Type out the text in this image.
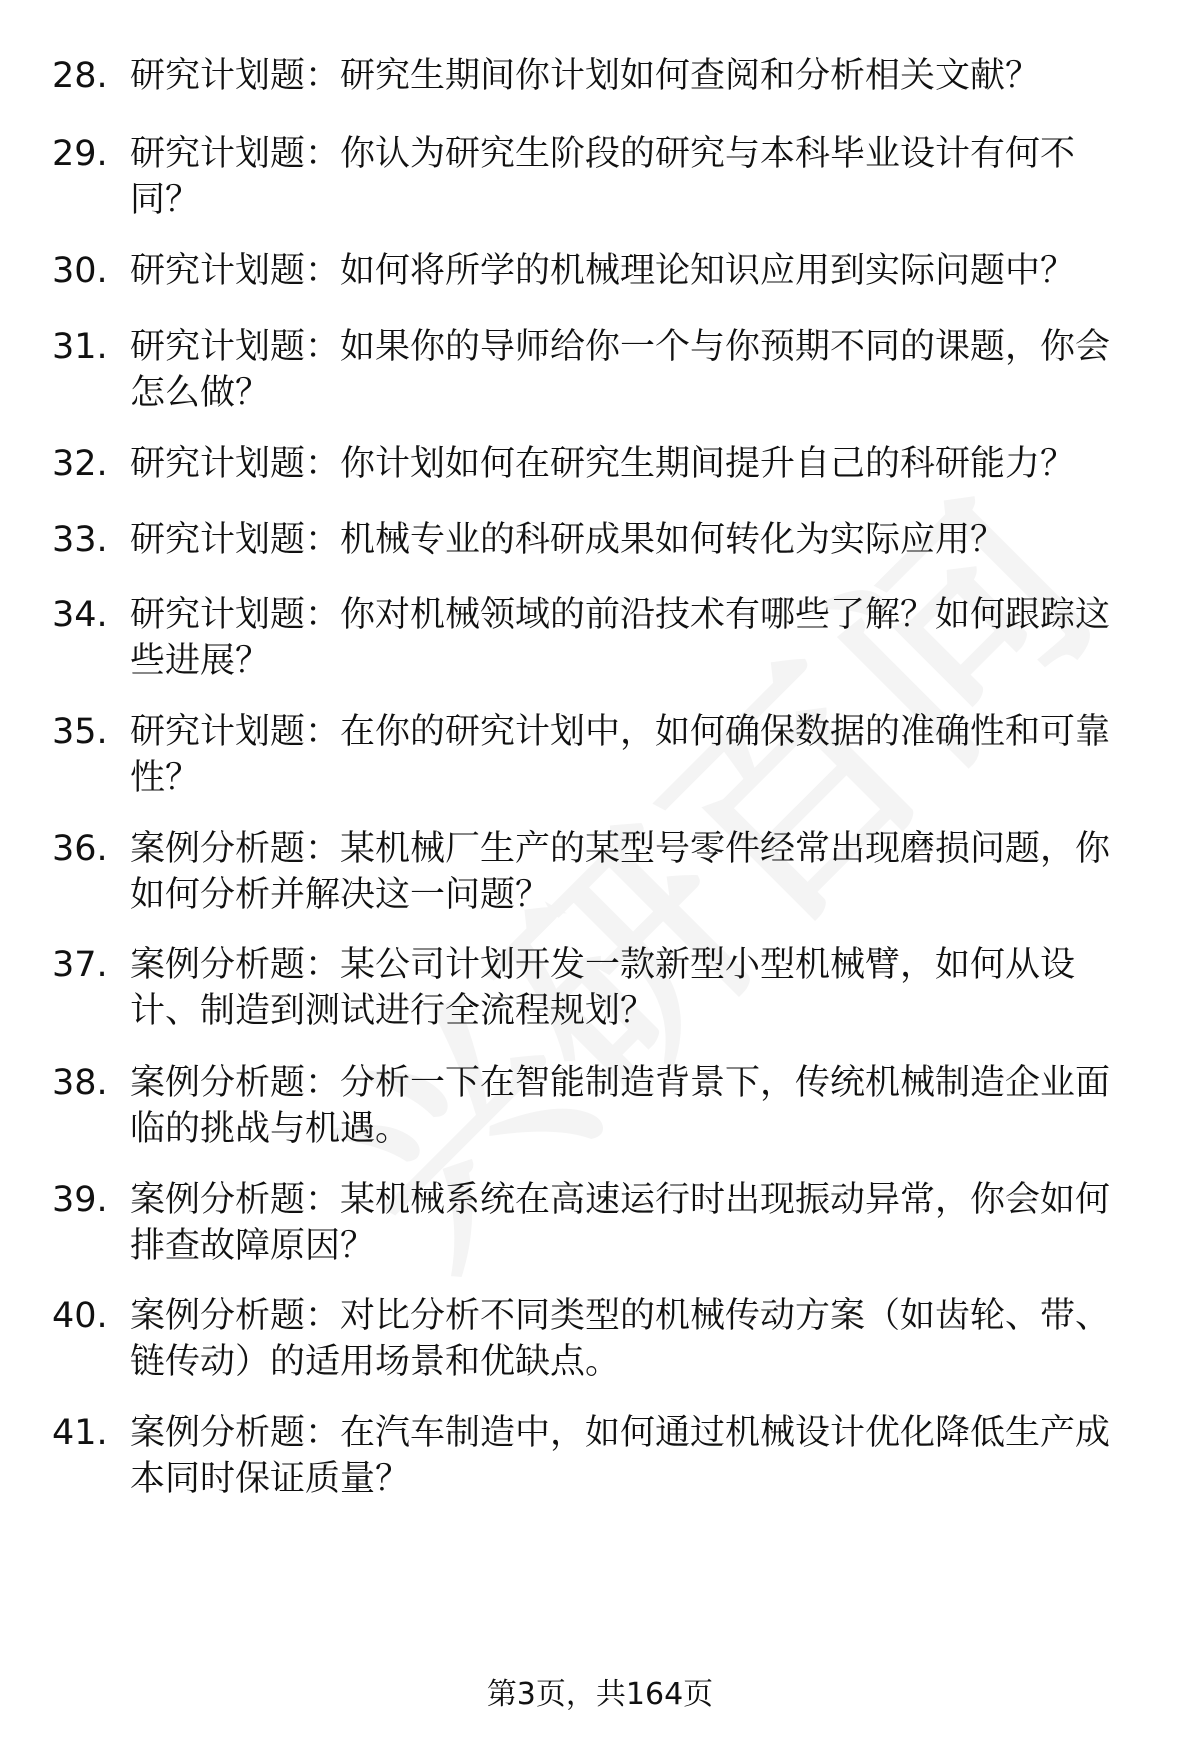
28. 研究计划题：研究生期间你计划如何查阅和分析相关文献？
29. 研究计划题：你认为研究生阶段的研究与本科毕业设计有何不同？
30. 研究计划题：如何将所学的机械理论知识应用到实际问题中？
31. 研究计划题：如果你的导师给你一个与你预期不同的课题，你会怎么做？
32. 研究计划题：你计划如何在研究生期间提升自己的科研能力？
33. 研究计划题：机械专业的科研成果如何转化为实际应用？
34. 研究计划题：你对机械领域的前沿技术有哪些了解？如何跟踪这些进展？
35. 研究计划题：在你的研究计划中，如何确保数据的准确性和可靠性？
36. 案例分析题：某机械厂生产的某型号零件经常出现磨损问题，你如何分析并解决这一问题？
37. 案例分析题：某公司计划开发一款新型小型机械臂，如何从设计、制造到测试进行全流程规划？
38. 案例分析题：分析一下在智能制造背景下，传统机械制造企业面临的挑战与机遇。
39. 案例分析题：某机械系统在高速运行时出现振动异常，你会如何排查故障原因？
40. 案例分析题：对比分析不同类型的机械传动方案（如齿轮、带、链传动）的适用场景和优缺点。
41. 案例分析题：在汽车制造中，如何通过机械设计优化降低生产成本同时保证质量？
第3页，共164页
